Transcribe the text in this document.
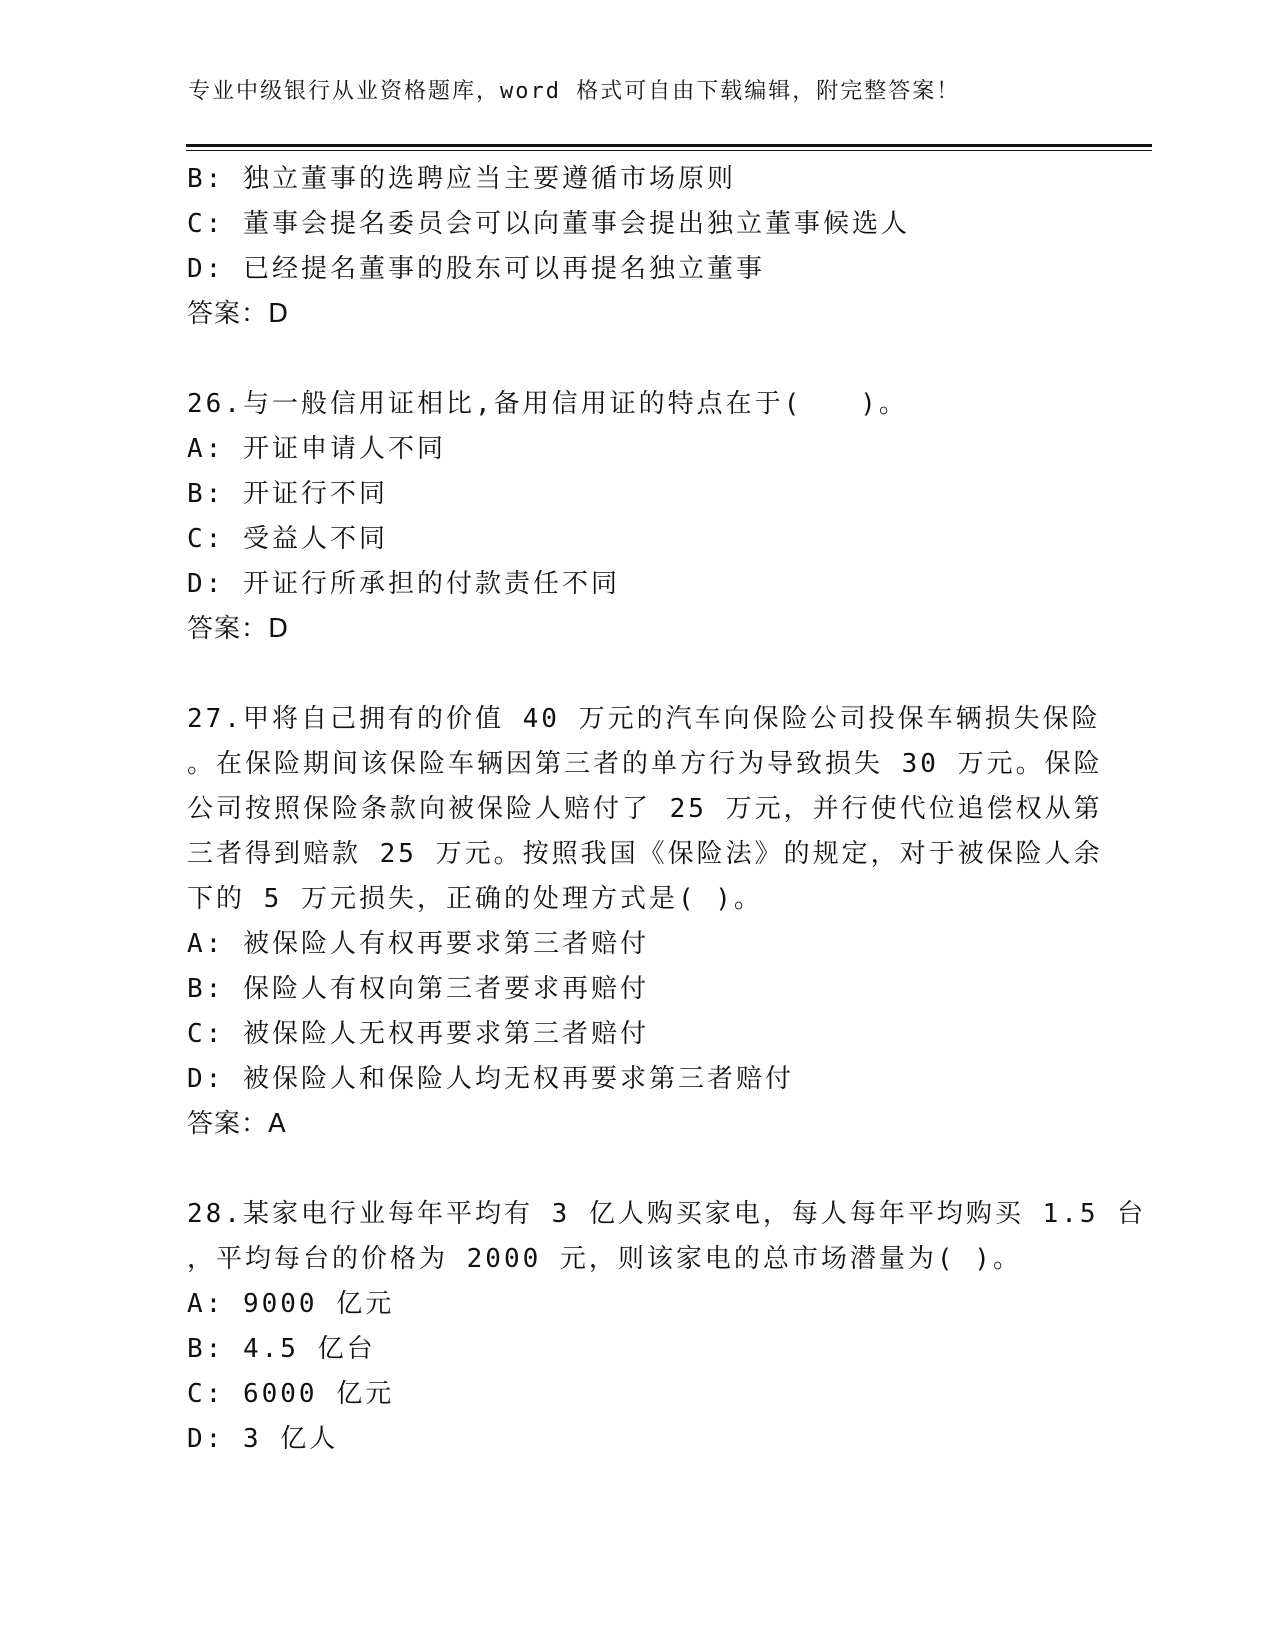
专业中级银行从业资格题库，word 格式可自由下载编辑，附完整答案！
B: 独立董事的选聘应当主要遵循市场原则
C: 董事会提名委员会可以向董事会提出独立董事候选人
D: 已经提名董事的股东可以再提名独立董事
答案：D
26.与一般信用证相比,备用信用证的特点在于(　　)。
A: 开证申请人不同
B: 开证行不同
C: 受益人不同
D: 开证行所承担的付款责任不同
答案：D
27.甲将自己拥有的价值 40 万元的汽车向保险公司投保车辆损失保险
。在保险期间该保险车辆因第三者的单方行为导致损失 30 万元。保险
公司按照保险条款向被保险人赔付了 25 万元，并行使代位追偿权从第
三者得到赔款 25 万元。按照我国《保险法》的规定，对于被保险人余
下的 5 万元损失，正确的处理方式是( )。
A: 被保险人有权再要求第三者赔付
B: 保险人有权向第三者要求再赔付
C: 被保险人无权再要求第三者赔付
D: 被保险人和保险人均无权再要求第三者赔付
答案：A
28.某家电行业每年平均有 3 亿人购买家电，每人每年平均购买 1.5 台
，平均每台的价格为 2000 元，则该家电的总市场潜量为( )。
A: 9000 亿元
B: 4.5 亿台
C: 6000 亿元
D: 3 亿人
